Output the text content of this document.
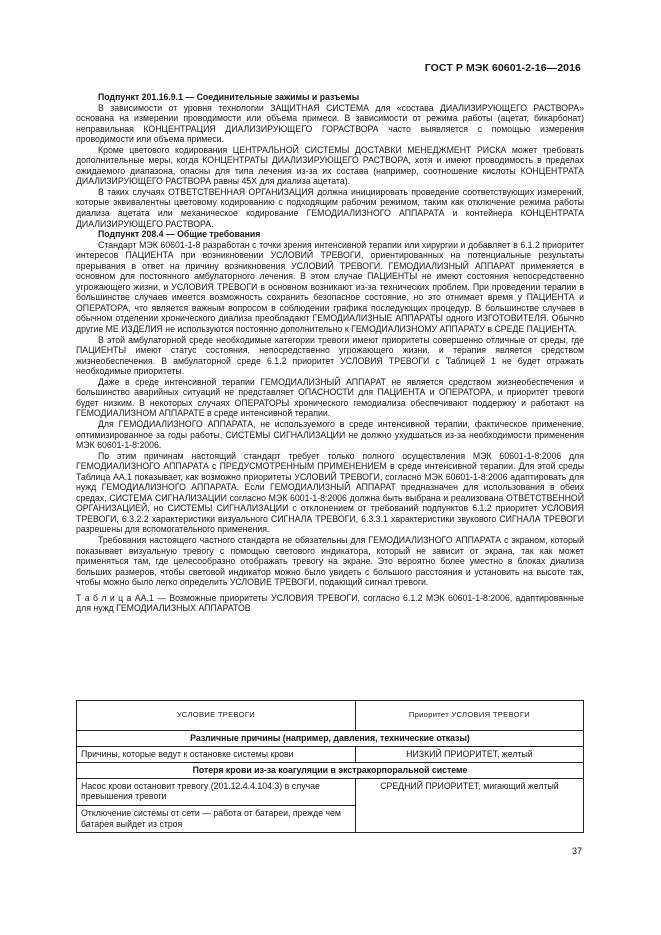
ГОСТ Р МЭК 60601-2-16—2016

Подпункт 201.16.9.1 — Соединительные зажимы и разъемы

В зависимости от уровня технологии ЗАЩИТНАЯ СИСТЕМА для «состава ДИАЛИЗИРУЮЩЕГО РАСТВОРА» основана на измерении проводимости или объема примеси. В зависимости от режима работы (ацетат, бикарбонат) неправильная КОНЦЕНТРАЦИЯ ДИАЛИЗИРУЮЩЕГО ГОРАСТВОРА часто выявляется с помощью измерения проводимости или объема примеси.

Кроме цветового кодирования ЦЕНТРАЛЬНОЙ СИСТЕМЫ ДОСТАВКИ МЕНЕДЖМЕНТ РИСКА может требовать дополнительные меры, когда КОНЦЕНТРАТЫ ДИАЛИЗИРУЮЩЕГО РАСТВОРА, хотя и имеют проводимость в пределах ожидаемого диапазона, опасны для типа лечения из-за их состава (например, соотношение кислоты КОНЦЕНТРАТА ДИАЛИЗИРУЮЩЕГО РАСТВОРА равны 45Х для диализа ацетата).

В таких случаях ОТВЕТСТВЕННАЯ ОРГАНИЗАЦИЯ должна инициировать проведение соответствующих измерений, которые эквивалентны цветовому кодированию с подходящим рабочим режимом, таким как отключение режима работы диализа ацетата или механическое кодирование ГЕМОДИАЛИЗНОГО АППАРАТА и контейнера КОНЦЕНТРАТА ДИАЛИЗИРУЮЩЕГО РАСТВОРА.

Подпункт 208.4 — Общие требования

Стандарт МЭК 60601-1-8 разработан с точки зрения интенсивной терапии или хирургии и добавляет в 6.1.2 приоритет интересов ПАЦИЕНТА при возникновении УСЛОВИЙ ТРЕВОГИ, ориентированных на потенциальные результаты прерывания в ответ на причину возникновения УСЛОВИЙ ТРЕВОГИ. ГЕМОДИАЛИЗНЫЙ АППАРАТ применяется в основном для постоянного амбулаторного лечения. В этом случае ПАЦИЕНТЫ не имеют состояния непосредственно угрожающего жизни, и УСЛОВИЯ ТРЕВОГИ в основном возникают из-за технических проблем. При проведении терапии в большинстве случаев имеется возможность сохранить безопасное состояние, но это отнимает время у ПАЦИЕНТА и ОПЕРАТОРА, что является важным вопросом в соблюдении графика последующих процедур. В большинстве случаев в обычном отделении хронического диализа преобладают ГЕМОДИАЛИЗНЫЕ АППАРАТЫ одного ИЗГОТОВИТЕЛЯ. Обычно другие МЕ ИЗДЕЛИЯ не используются постоянно дополнительно к ГЕМОДИАЛИЗНОМУ АППАРАТУ в СРЕДЕ ПАЦИЕНТА.

В этой амбулаторной среде необходимые категории тревоги имеют приоритеты совершенно отличные от среды, где ПАЦИЕНТЫ имеют статус состояния, непосредственно угрожающего жизни, и терапия является средством жизнеобеспечения. В амбулаторной среде 6.1.2 приоритет УСЛОВИЯ ТРЕВОГИ с Таблицей 1 не будет отражать необходимые приоритеты.

Даже в среде интенсивной терапии ГЕМОДИАЛИЗНЫЙ АППАРАТ не является средством жизнеобеспечения и большинство аварийных ситуаций не представляет ОПАСНОСТИ для ПАЦИЕНТА и ОПЕРАТОРА, и приоритет тревоги будет низким. В некоторых случаях ОПЕРАТОРЫ хронического гемодиализа обеспечивают поддержку и работают на ГЕМОДИАЛИЗНОМ АППАРАТЕ в среде интенсивной терапии.

Для ГЕМОДИАЛИЗНОГО АППАРАТА, не используемого в среде интенсивной терапии, фактическое применение, оптимизированное за годы работы, СИСТЕМЫ СИГНАЛИЗАЦИИ не должно ухудшаться из-за необходимости применения МЭК 60601-1-8:2006.

По этим причинам настоящий стандарт требует только полного осуществления МЭК 60601-1-8:2006 для ГЕМОДИАЛИЗНОГО АППАРАТА с ПРЕДУСМОТРЕННЫМ ПРИМЕНЕНИЕМ в среде интенсивной терапии. Для этой среды Таблица АА.1 показывает, как возможно приоритеты УСЛОВИЙ ТРЕВОГИ, согласно МЭК 60601-1-8:2006 адаптировать для нужд ГЕМОДИАЛИЗНОГО АППАРАТА. Если ГЕМОДИАЛИЗНЫЙ АППАРАТ предназначен для использования в обеих средах, СИСТЕМА СИГНАЛИЗАЦИИ согласно МЭК 6001-1-8:2006 должна быть выбрана и реализована ОТВЕТСТВЕННОЙ ОРГАНИЗАЦИЕЙ, но СИСТЕМЫ СИГНАЛИЗАЦИИ с отклонением от требований подпунктов 6.1.2 приоритет УСЛОВИЯ ТРЕВОГИ, 6.3.2.2 характеристики визуального СИГНАЛА ТРЕВОГИ, 6.3.3.1 характеристики звукового СИГНАЛА ТРЕВОГИ разрешены для вспомогательного применения.

Требования настоящего частного стандарта не обязательны для ГЕМОДИАЛИЗНОГО АППАРАТА с экраном, который показывает визуальную тревогу с помощью светового индикатора, который не зависит от экрана, так как может применяться там, где целесообразно отображать тревогу на экране. Это вероятно более уместно в блоках диализа больших размеров, чтобы световой индикатор можно было увидеть с большого расстояния и установить на высоте так, чтобы можно было легко определить УСЛОВИЕ ТРЕВОГИ, подающий сигнал тревоги.

Т а б л и ц а АА.1 — Возможные приоритеты УСЛОВИЯ ТРЕВОГИ, согласно 6.1.2 МЭК 60601-1-8:2006, адаптированные для нужд ГЕМОДИАЛИЗНЫХ АППАРАТОВ

УСЛОВИЕ ТРЕВОГИ	Приоритет УСЛОВИЯ ТРЕВОГИ
Различные причины (например, давления, технические отказы)	
Причины, которые ведут к остановке системы крови	НИЗКИЙ ПРИОРИТЕТ, желтый
Потеря крови из-за коагуляции в экстракорпоральной системе	
Насос крови остановит тревогу (201.12.4.4.104.3) в случае превышения тревоги	СРЕДНИЙ ПРИОРИТЕТ, мигающий желтый
Отключение системы от сети — работа от батареи, прежде чем батарея выйдет из строя	
37
